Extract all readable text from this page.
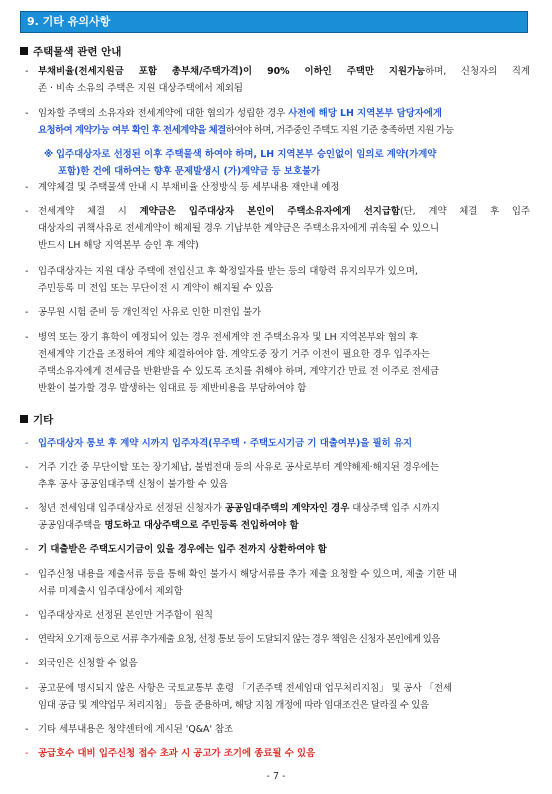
9. 기타 유의사항
주택물색 관련 안내
- 부채비율(전세지원금 포함 총부채/주택가격)이 90% 이하인 주택만 지원가능하며, 신청자의 직계
존 · 비속 소유의 주택은 지원 대상주택에서 제외됨
- 임차할 주택의 소유자와 전세계약에 대한 협의가 성립한 경우 사전에 해당 LH 지역본부 담당자에게
요청하여 계약가능 여부 확인 후 전세계약을 체결하여야 하며, 거주중인 주택도 지원 기준 충족하면 지원 가능
※ 입주대상자로 선정된 이후 주택물색 하여야 하며, LH 지역본부 승인없이 임의로 계약(가계약
포함)한 건에 대하여는 향후 문제발생시 (가)계약금 등 보호불가
- 계약체결 및 주택물색 안내 시 부채비율 산정방식 등 세부내용 재안내 예정
- 전세계약 체결 시 계약금은 입주대상자 본인이 주택소유자에게 선지급함(단, 계약 체결 후 입주
대상자의 귀책사유로 전세계약이 해제될 경우 기납부한 계약금은 주택소유자에게 귀속될 수 있으니
반드시 LH 해당 지역본부 승인 후 계약)
- 입주대상자는 지원 대상 주택에 전입신고 후 확정일자를 받는 등의 대항력 유지의무가 있으며,
주민등록 미 전입 또는 무단이전 시 계약이 해지될 수 있음
- 공무원 시험 준비 등 개인적인 사유로 인한 미전입 불가
- 병역 또는 장기 휴학이 예정되어 있는 경우 전세계약 전 주택소유자 및 LH 지역본부와 협의 후
전세계약 기간을 조정하여 계약 체결하여야 함. 계약도중 장기 거주 이전이 필요한 경우 입주자는
주택소유자에게 전세금을 반환받을 수 있도록 조치를 취해야 하며, 계약기간 만료 전 이주로 전세금
반환이 불가할 경우 발생하는 임대료 등 제반비용을 부담하여야 함
기타
- 입주대상자 통보 후 계약 시까지 입주자격(무주택 · 주택도시기금 기 대출여부)을 필히 유지
- 거주 기간 중 무단이탈 또는 장기체납, 불법전대 등의 사유로 공사로부터 계약해제·해지된 경우에는
추후 공사 공공임대주택 신청이 불가할 수 있음
- 청년 전세임대 입주대상자로 선정된 신청자가 공공임대주택의 계약자인 경우 대상주택 입주 시까지
공공임대주택을 명도하고 대상주택으로 주민등록 전입하여야 함
- 기 대출받은 주택도시기금이 있을 경우에는 입주 전까지 상환하여야 함
- 입주신청 내용을 제출서류 등을 통해 확인 불가시 해당서류를 추가 제출 요청할 수 있으며, 제출 기한 내
서류 미제출시 입주대상에서 제외함
- 입주대상자로 선정된 본인만 거주함이 원칙
- 연락처 오기재 등으로 서류 추가제출 요청, 선정 통보 등이 도달되지 않는 경우 책임은 신청자 본인에게 있음
- 외국인은 신청할 수 없음
- 공고문에 명시되지 않은 사항은 국토교통부 훈령 「기존주택 전세임대 업무처리지침」 및 공사 「전세
임대 공급 및 계약업무 처리지침」 등을 준용하며, 해당 지침 개정에 따라 임대조건은 달라질 수 있음
- 기타 세부내용은 청약센터에 게시된 'Q&A' 참조
- 공급호수 대비 입주신청 접수 초과 시 공고가 조기에 종료될 수 있음
- 7 -
